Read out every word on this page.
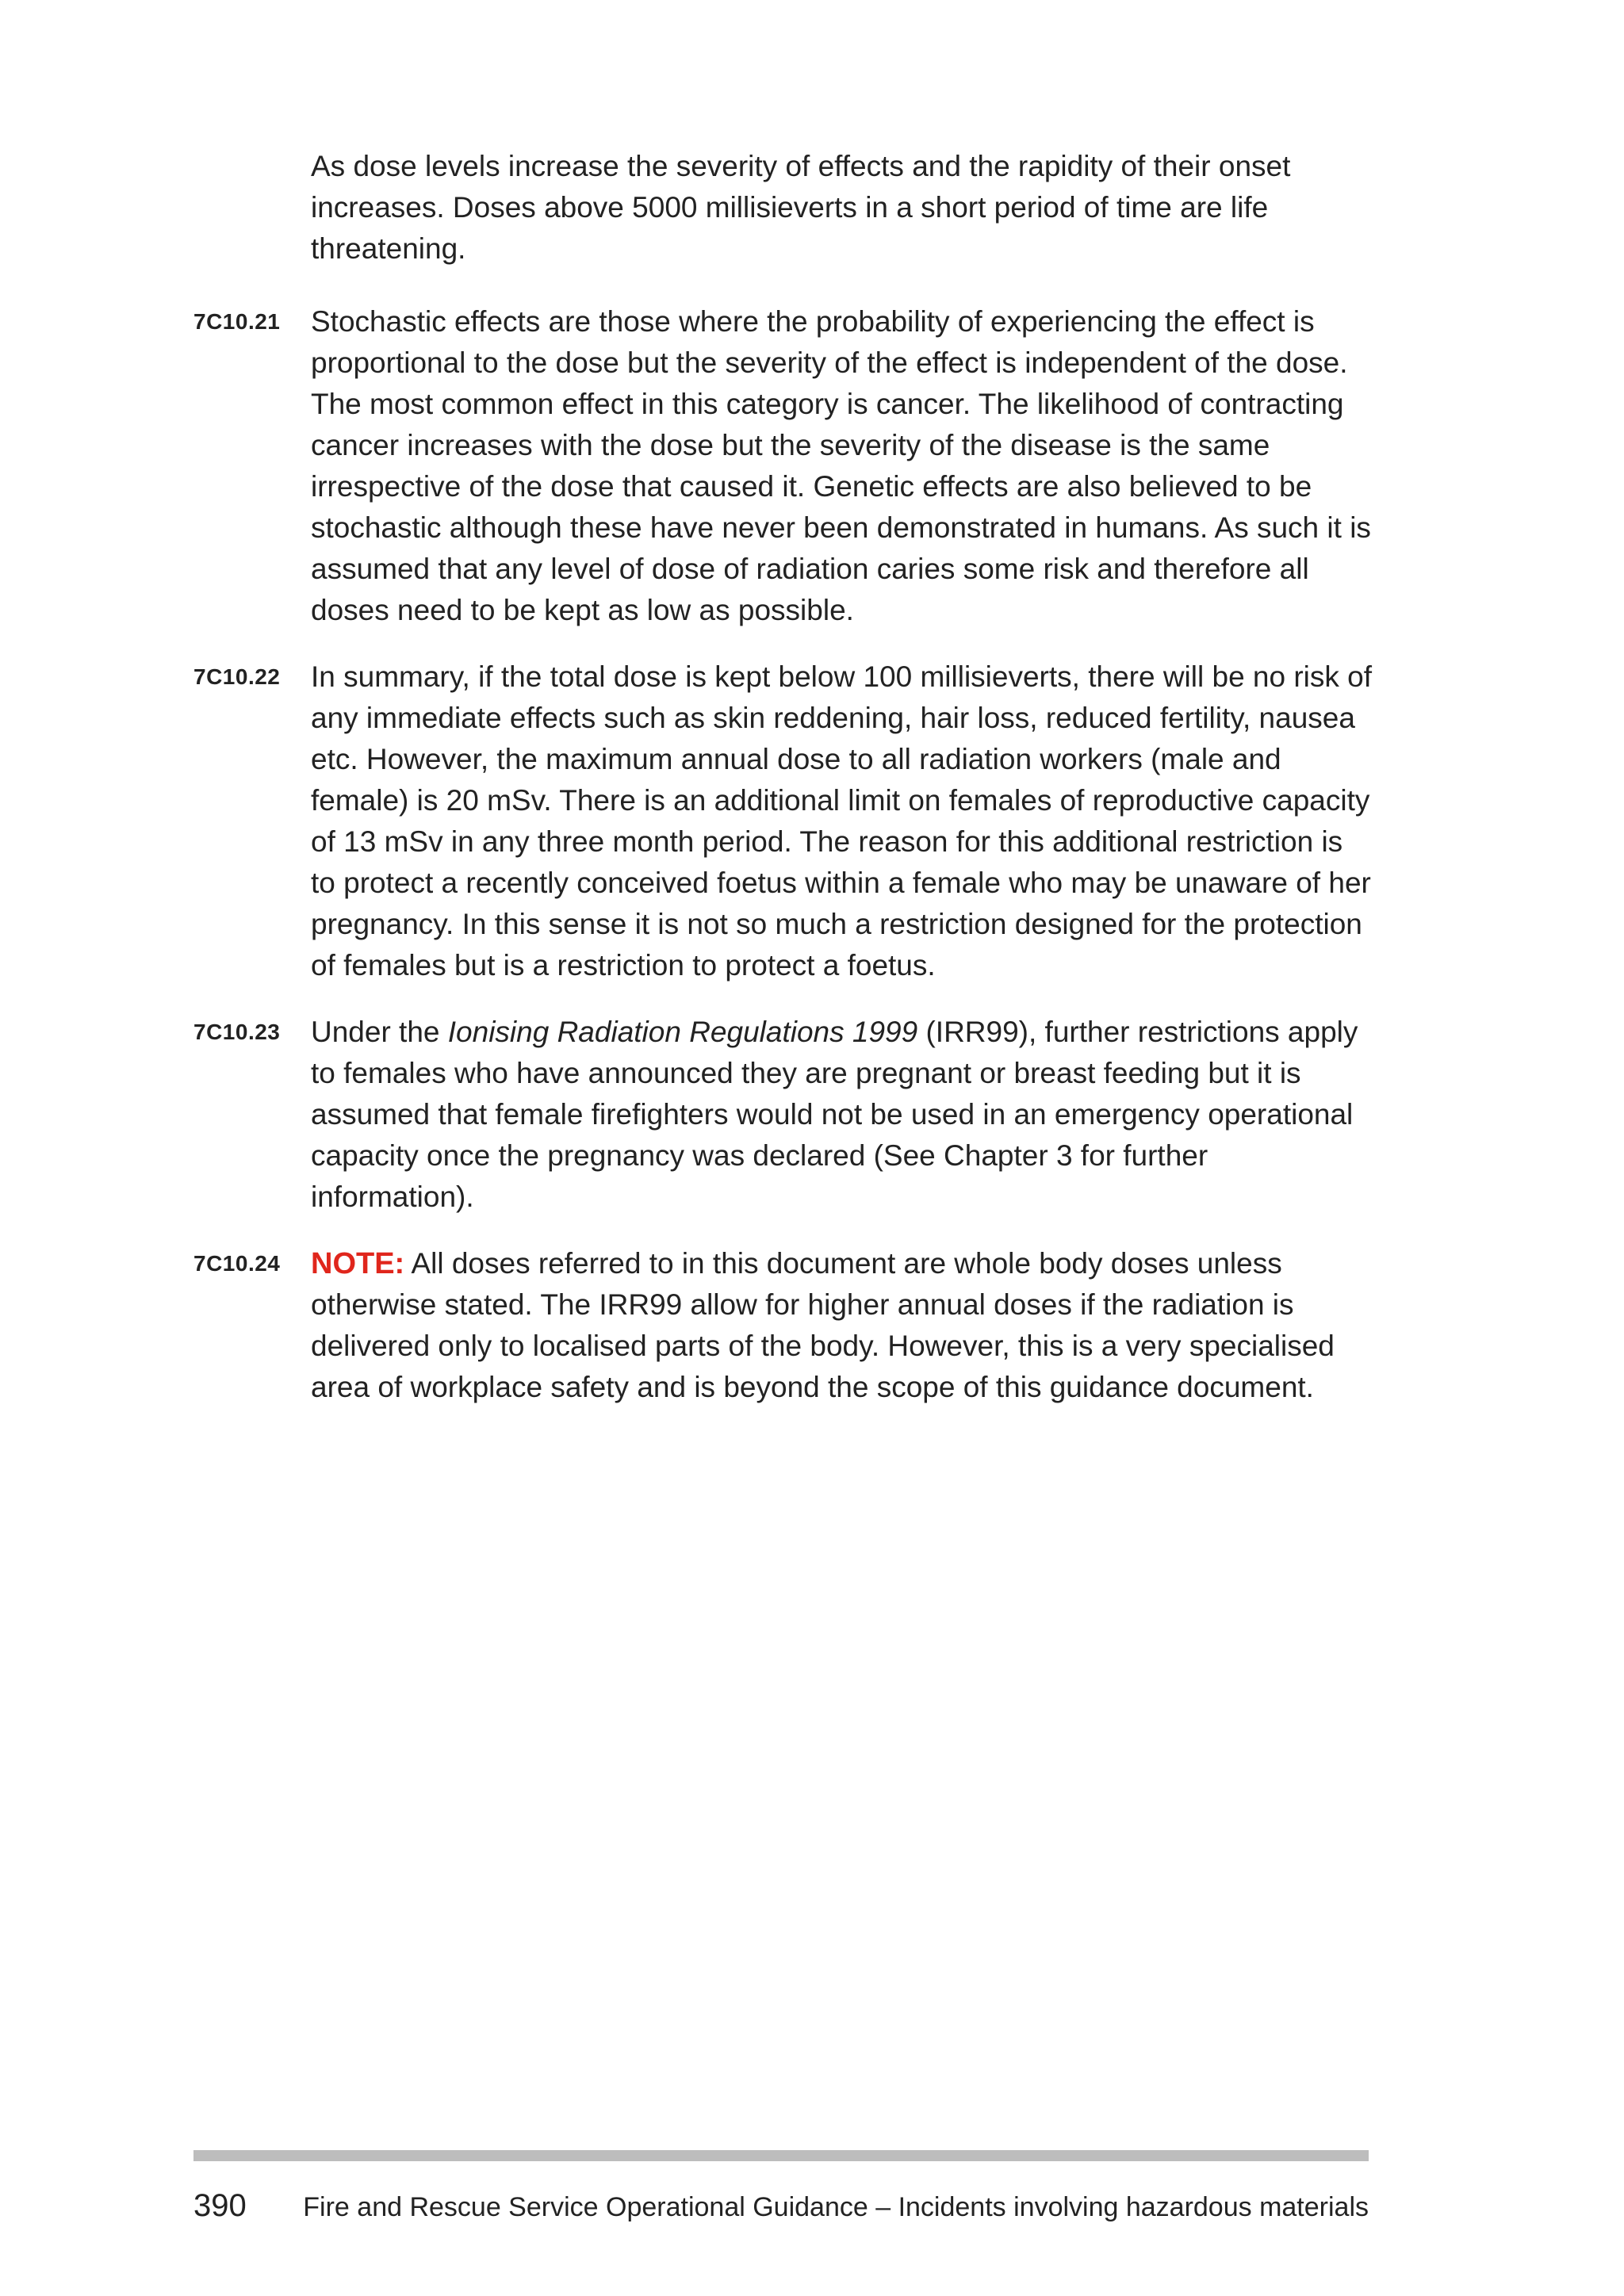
As dose levels increase the severity of effects and the rapidity of their onset increases. Doses above 5000 millisieverts in a short period of time are life threatening.

7C10.21	Stochastic effects are those where the probability of experiencing the effect is proportional to the dose but the severity of the effect is independent of the dose. The most common effect in this category is cancer. The likelihood of contracting cancer increases with the dose but the severity of the disease is the same irrespective of the dose that caused it. Genetic effects are also believed to be stochastic although these have never been demonstrated in humans. As such it is assumed that any level of dose of radiation caries some risk and therefore all doses need to be kept as low as possible.

7C10.22	In summary, if the total dose is kept below 100 millisieverts, there will be no risk of any immediate effects such as skin reddening, hair loss, reduced fertility, nausea etc. However, the maximum annual dose to all radiation workers (male and female) is 20 mSv. There is an additional limit on females of reproductive capacity of 13 mSv in any three month period. The reason for this additional restriction is to protect a recently conceived foetus within a female who may be unaware of her pregnancy. In this sense it is not so much a restriction designed for the protection of females but is a restriction to protect a foetus.

7C10.23	Under the Ionising Radiation Regulations 1999 (IRR99), further restrictions apply to females who have announced they are pregnant or breast feeding but it is assumed that female firefighters would not be used in an emergency operational capacity once the pregnancy was declared (See Chapter 3 for further information).

7C10.24	NOTE: All doses referred to in this document are whole body doses unless otherwise stated. The IRR99 allow for higher annual doses if the radiation is delivered only to localised parts of the body. However, this is a very specialised area of workplace safety and is beyond the scope of this guidance document.

390 Fire and Rescue Service Operational Guidance – Incidents involving hazardous materials
